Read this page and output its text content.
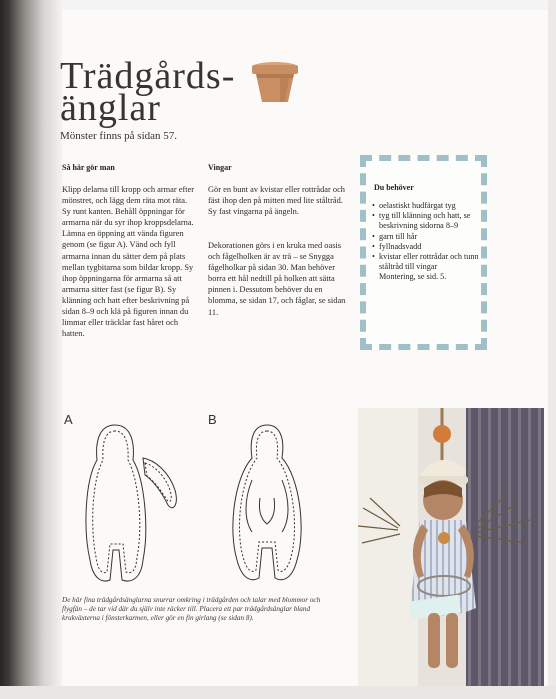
Trädgårds-
änglar
Mönster finns på sidan 57.
Så här gör man

Klipp delarna till kropp och armar efter mönstret, och lägg dem räta mot räta. Sy runt kanten. Behåll öppningar för armarna när du syr ihop kroppsdelarna. Lämna en öppning att vända figuren genom (se figur A). Vänd och fyll armarna innan du sätter dem på plats mellan tygbitarna som bildar kropp. Sy ihop öppningarna för armarna så att armarna sitter fast (se figur B). Sy klänning och hatt efter beskrivning på sidan 8–9 och klä på figuren innan du limmar eller träcklar fast håret och hatten.

Vingar

Gör en bunt av kvistar eller rottrådar och fäst ihop den på mitten med lite ståltråd. Sy fast vingarna på ängeln.

Dekorationen görs i en kruka med oasis och fågelholken är av trä – se Snygga fågelholkar på sidan 30. Man behöver borra ett hål nedtill på holken att sätta pinnen i. Dessutom behöver du en blomma, se sidan 17, och fåglar, se sidan 11.

Du behöver
• oelastiskt hudfärgat tyg
• tyg till klänning och hatt, se beskrivning sidorna 8–9
• garn till hår
• fyllnadsvadd
• kvistar eller rottrådar och tunn ståltråd till vingar
Montering, se sid. 5.
A	B

De här fina trädgårdsänglarna snurrar omkring i trädgården och talar med blommor och flygfän – de tar vid där du själv inte räcker till. Placera ett par trädgårdsänglar bland krukväxterna i fönsterkarmen, eller gör en fin girlang (se sidan 8).
